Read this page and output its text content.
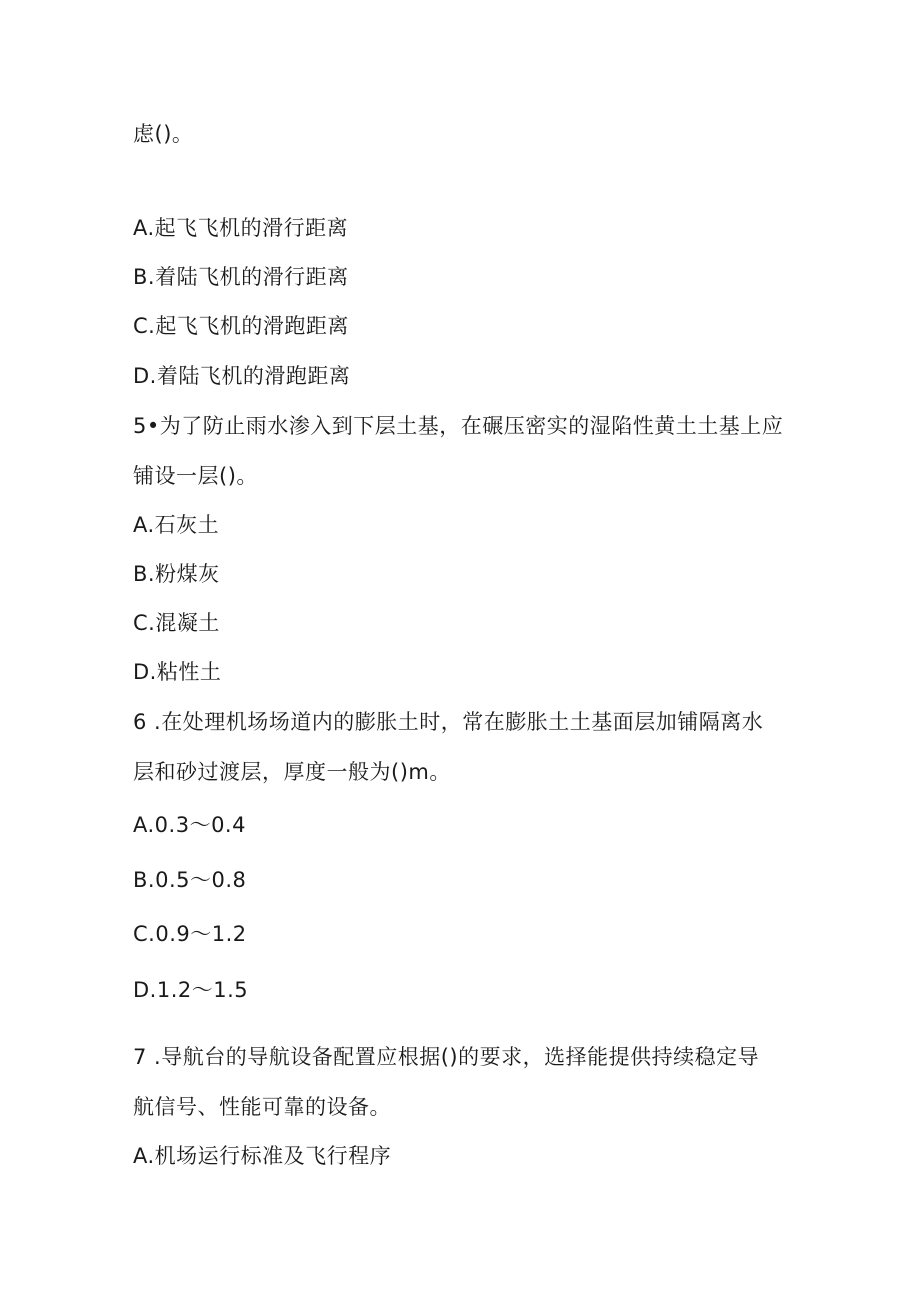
虑()。
A.起飞飞机的滑行距离
B.着陆飞机的滑行距离
C.起飞飞机的滑跑距离
D.着陆飞机的滑跑距离
5•为了防止雨水渗入到下层土基，在碾压密实的湿陷性黄土土基上应
铺设一层()。
A.石灰土
B.粉煤灰
C.混凝土
D.粘性土
6 .在处理机场场道内的膨胀土时，常在膨胀土土基面层加铺隔离水
层和砂过渡层，厚度一般为()m。
A.0.3～0.4
B.0.5～0.8
C.0.9～1.2
D.1.2～1.5
7 .导航台的导航设备配置应根据()的要求，选择能提供持续稳定导
航信号、性能可靠的设备。
A.机场运行标准及飞行程序
